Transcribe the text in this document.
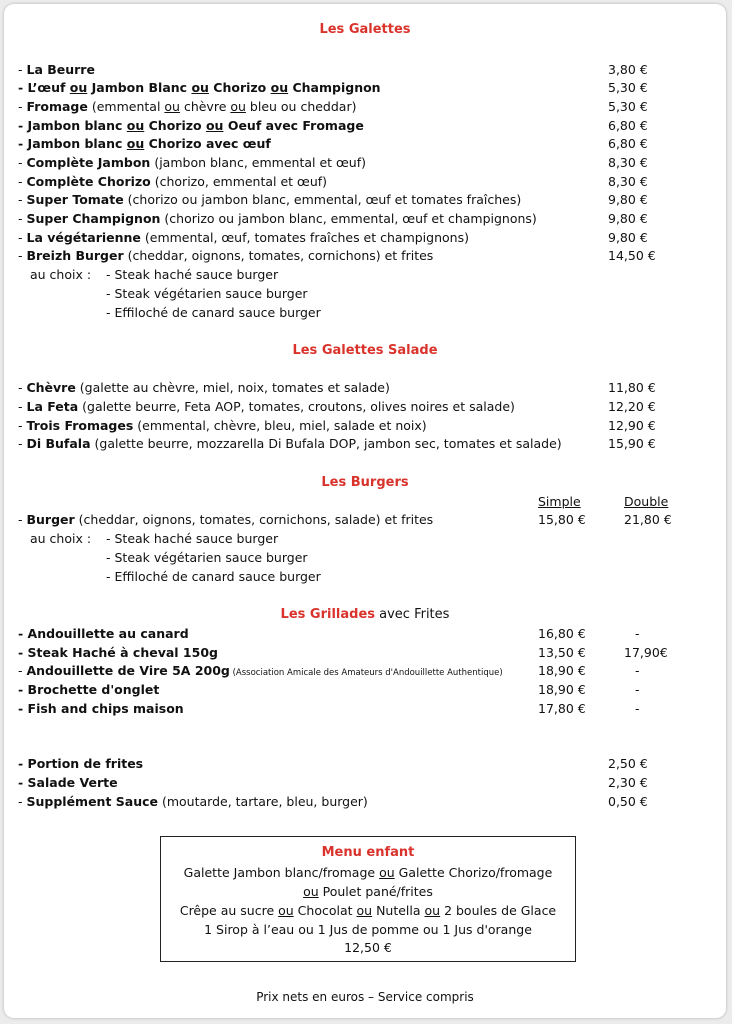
Les Galettes
- La Beurre	3,80 €
- L’œuf ou Jambon Blanc ou Chorizo ou Champignon	5,30 €
- Fromage (emmental ou chèvre ou bleu ou cheddar)	5,30 €
- Jambon blanc ou Chorizo ou Oeuf avec Fromage	6,80 €
- Jambon blanc ou Chorizo avec œuf	6,80 €
- Complète Jambon (jambon blanc, emmental et œuf)	8,30 €
- Complète Chorizo (chorizo, emmental et œuf)	8,30 €
- Super Tomate (chorizo ou jambon blanc, emmental, œuf et tomates fraîches)	9,80 €
- Super Champignon (chorizo ou jambon blanc, emmental, œuf et champignons)	9,80 €
- La végétarienne (emmental, œuf, tomates fraîches et champignons)	9,80 €
- Breizh Burger (cheddar, oignons, tomates, cornichons) et frites	14,50 €
au choix : - Steak haché sauce burger
- Steak végétarien sauce burger
- Effiloché de canard sauce burger
Les Galettes Salade
- Chèvre (galette au chèvre, miel, noix, tomates et salade)	11,80 €
- La Feta (galette beurre, Feta AOP, tomates, croutons, olives noires et salade)	12,20 €
- Trois Fromages (emmental, chèvre, bleu, miel, salade et noix)	12,90 €
- Di Bufala (galette beurre, mozzarella Di Bufala DOP, jambon sec, tomates et salade)	15,90 €
Les Burgers
Simple	Double
- Burger (cheddar, oignons, tomates, cornichons, salade) et frites	15,80 €	21,80 €
au choix : - Steak haché sauce burger
- Steak végétarien sauce burger
- Effiloché de canard sauce burger
Les Grillades avec Frites
- Andouillette au canard	16,80 €	-
- Steak Haché à cheval 150g	13,50 €	17,90€
- Andouillette de Vire 5A 200g (Association Amicale des Amateurs d'Andouillette Authentique)	18,90 €	-
- Brochette d'onglet	18,90 €	-
- Fish and chips maison	17,80 €	-
- Portion de frites	2,50 €
- Salade Verte	2,30 €
- Supplément Sauce (moutarde, tartare, bleu, burger)	0,50 €
Menu enfant
Galette Jambon blanc/fromage ou Galette Chorizo/fromage
ou Poulet pané/frites
Crêpe au sucre ou Chocolat ou Nutella ou 2 boules de Glace
1 Sirop à l’eau ou 1 Jus de pomme ou 1 Jus d'orange
12,50 €
Prix nets en euros – Service compris
